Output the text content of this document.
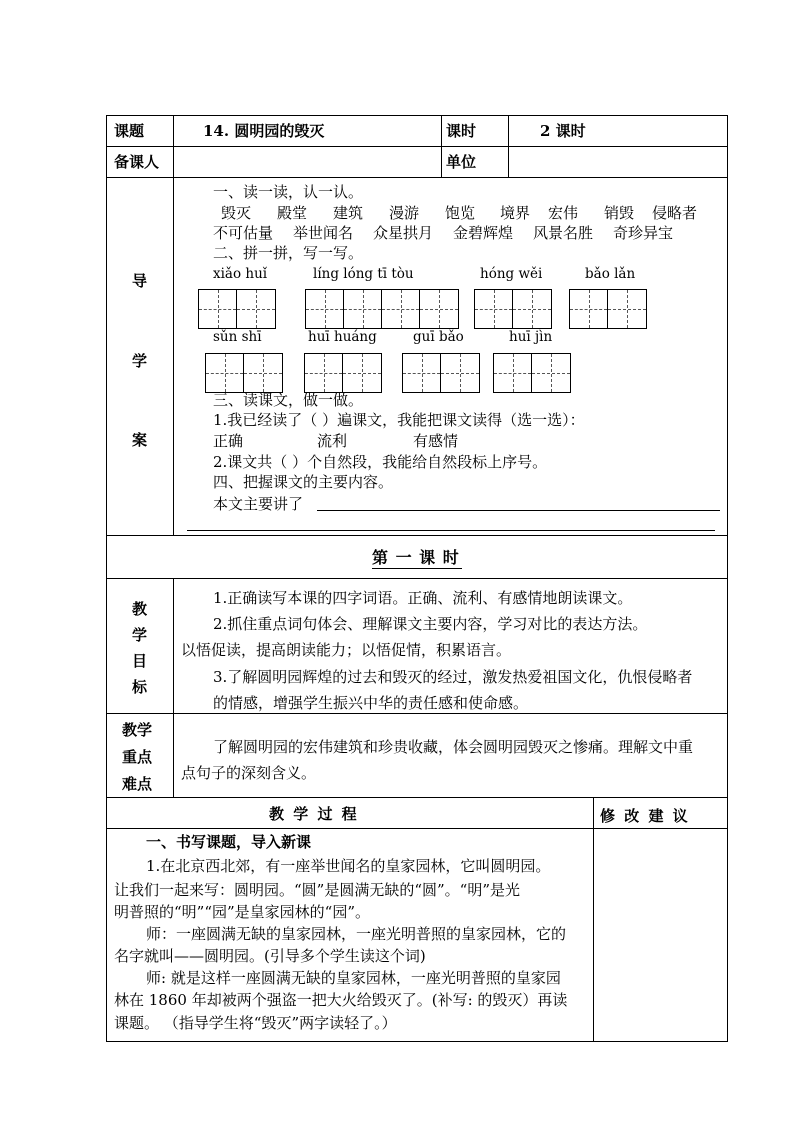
课题	14. 圆明园的毁灭	课时	2 课时
备课人	单位
导
学
案
一、读一读，认一认。
毁灭 殿堂 建筑 漫游 饱览 境界 宏伟 销毁 侵略者
不可估量 举世闻名 众星拱月 金碧辉煌 风景名胜 奇珍异宝
二、拼一拼，写一写。
xiǎo huǐ	líng lóng tī tòu	hóng wěi	bǎo lǎn
sǔn shī	huī huáng	guī bǎo	huī jìn
三、读课文，做一做。
1.我已经读了（ ）遍课文，我能把课文读得（选一选）：
正确	流利	有感情
2.课文共（ ）个自然段，我能给自然段标上序号。
四、把握课文的主要内容。
本文主要讲了
第 一 课 时
教
学
目
标
1.正确读写本课的四字词语。正确、流利、有感情地朗读课文。
2.抓住重点词句体会、理解课文主要内容，学习对比的表达方法。
以悟促读，提高朗读能力；以悟促情，积累语言。
3.了解圆明园辉煌的过去和毁灭的经过，激发热爱祖国文化，仇恨侵略者
的情感，增强学生振兴中华的责任感和使命感。
教学
重点
难点
了解圆明园的宏伟建筑和珍贵收藏，体会圆明园毁灭之惨痛。理解文中重
点句子的深刻含义。
教 学 过 程	修 改 建 议
一、书写课题，导入新课
1.在北京西北郊，有一座举世闻名的皇家园林，它叫圆明园。
让我们一起来写：圆明园。“圆”是圆满无缺的“圆”。“明”是光
明普照的“明”“园”是皇家园林的“园”。
师：一座圆满无缺的皇家园林，一座光明普照的皇家园林，它的
名字就叫——圆明园。(引导多个学生读这个词)
师: 就是这样一座圆满无缺的皇家园林，一座光明普照的皇家园
林在 1860 年却被两个强盗一把大火给毁灭了。(补写: 的毁灭）再读
课题。 （指导学生将“毁灭”两字读轻了。）
